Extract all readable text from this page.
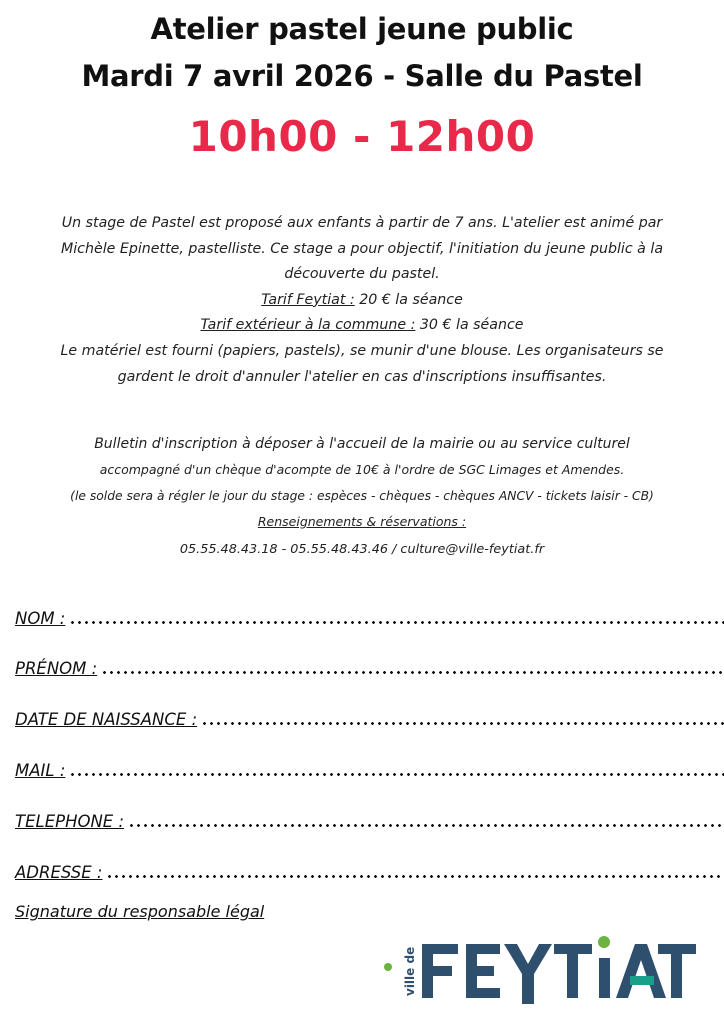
Atelier pastel jeune public
Mardi 7 avril 2026 - Salle du Pastel
10h00 - 12h00
Un stage de Pastel est proposé aux enfants à partir de 7 ans. L'atelier est animé par
Michèle Epinette, pastelliste. Ce stage a pour objectif, l'initiation du jeune public à la
découverte du pastel.
Tarif Feytiat : 20 € la séance
Tarif extérieur à la commune : 30 € la séance
Le matériel est fourni (papiers, pastels), se munir d'une blouse. Les organisateurs se
gardent le droit d'annuler l'atelier en cas d'inscriptions insuffisantes.
Bulletin d'inscription à déposer à l'accueil de la mairie ou au service culturel
accompagné d'un chèque d'acompte de 10€ à l'ordre de SGC Limages et Amendes.
(le solde sera à régler le jour du stage : espèces - chèques - chèques ANCV - tickets laisir - CB)
Renseignements & réservations :
05.55.48.43.18 - 05.55.48.43.46 / culture@ville-feytiat.fr
NOM :
PRÉNOM :
DATE DE NAISSANCE :
MAIL :
TELEPHONE :
ADRESSE :
Signature du responsable légal
ville de
